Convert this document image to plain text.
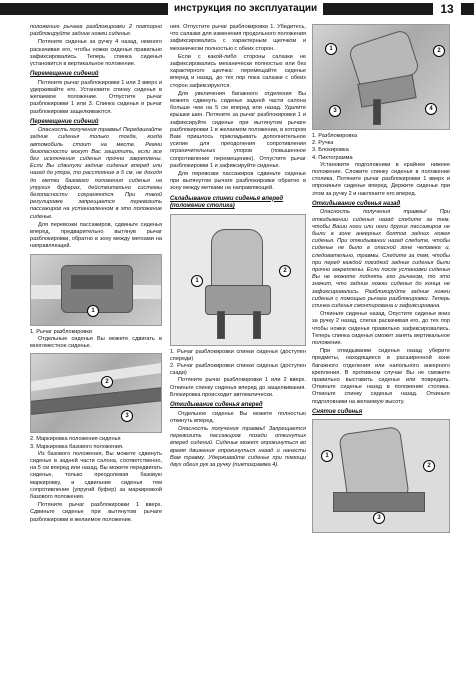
инструкция по эксплуатации	13

положению рычага разблокировки 2 повторно разблокируйте задние ножки сиденья.

Потяните сиденье за ручку 4 назад, немного раскачивая его, чтобы ножки сиденья правильно зафиксировались. Теперь спинка сиденья установится в вертикальное положение.

Перемещение сидений

Потяните рычаг разблокировки 1 или 3 вверх и удерживайте его. Установите спинку сиденья в желаемое положение. Отпустите рычаг разблокировки 1 или 3. Спинка сиденья и рычаг разблокировки защелкиваются.

Перемещение сидений

Опасность получения травмы! Передвигайте задние сиденья только тогда, когда автомобиль стоит на месте. Ремни безопасности могут Вас защитить, если все без исключения сиденья прочно закреплены. Если Вы сдвинули задние сиденья вперед или назад до упора, то расстояние в 5 см, не доходя до метки базового положения сиденья на упругих буферах, действительно системы безопасности сохраняются. При такой регулировке запрещается перевозить пассажиров на установленном в это положение сиденье.

Для перевозки пассажиров, сдвиньте сиденья вперед, предварительно вытянув рычаг разблокировки, обратно в зону между метками на направляющей.

1

1. Рычаг разблокировки

Отдельные сиденья Вы можете сдвигать в многоместное сиденье.

2
3

2. Маркировка положения сиденья

3. Маркировка базового положения.

Из базового положения, Вы можете сдвинуть сиденье в задней части салона, соответственно, на 5 см вперед или назад. Вы можете передвигать сиденье, только преодолевая базовую маркировку, и сдвигание сиденья тем сопротивление (упругий буфер) за маркировкой базового положения.

Потяните рычаг разблокировки 1 вверх. Сдвиньте сиденье при вытянутом рычаге разблокировки в желаемое положение.

ния. Отпустите рычаг разблокировки 1. Убедитесь, что салазки для изменения продольного положения зафиксировались с характерным щелчком и механически полностью с обеих сторон.

Если с какой-либо стороны салазки не зафиксировались механически полностью или без характерного щелчка: перемещайте сиденье вперед и назад, до тех пор пока салазки с обеих сторон зафиксируются.

Для увеличения багажного отделения Вы можете сдвинуть сиденье задней части салона больше чем на 5 см вперед или назад. Удалите крышки шин. Потяните за рычаг разблокировки 1 и зафиксируйте сиденье при вытянутом рычаге разблокировки 1 в желаемом положении, в котором Вам пришлось прикладывать дополнительное усилие для преодоления сопротивления ограничительных упоров (повышенное сопротивление перемещению). Отпустите рычаг разблокировки 1 и зафиксируйте сиденье.

Для перевозки пассажиров сдвиньте сиденье при вытянутом рычаге разблокировки обратно в зону между метками на направляющей.

Складывание спинки сиденья вперед (положение столика)
1
2

1. Рычаг разблокировки спинки сиденья (доступен спереди)

2. Рычаг разблокировки спинки сиденья (доступен сзади)

Потяните рычаг разблокировки 1 или 2 вверх. Откиньте спинку сиденья вперед до защелкивания. Блокировка происходит автоматически.

Откидывание сиденья вперед

Отдельное сиденье Вы можете полностью откинуть вперед.

Опасность получения травмы! Запрещается перевозить пассажиров позади откинутых вперед сидений. Сиденье может опрокинуться во время движения опрокинуться назад и нанести Вам травму. Удерживайте сиденье при помощи двух обеих рук за ручку (пиктограмма 4).

1	2
3	4

1. Разблокировка

2. Ручка

3. Блокировка

4. Пиктограмма

Установите подголовники в крайнее нижнее положение. Сложите спинку сиденья в положение столика. Потяните рычаг разблокировки 1 вверх и опрокиньте сиденье вперед. Держите сиденье при этом за ручку 2 и наклоните его вперед.

Откидывание сиденья назад

Опасность получения травмы! При откидывании сиденья назад следите за тем, чтобы Ваши ноги или ноги других пассажиров не были в зоне анкерных болтов задних ножек сиденья. При откидывании назад следите, чтобы сиденье не было в опасной зоне человека и, следовательно, травмы. Следите за тем, чтобы при перед каждой поездкой задние сиденья были прочно закреплены. Если после установки сиденья Вы не можете поднять его рычагом, то это значит, что задние ножки сиденья до конца не зафиксировались. Разблокируйте задние ножки сиденья с помощью рычага разблокировки. Теперь спинка сиденья смонтирована и зафиксирована.

Откиньте сиденье назад. Опустите сиденье вниз за ручку 2 назад, слегка раскачивая его, до тех пор чтобы ножки сиденья правильно зафиксировались. Теперь спинка сиденья сможет занять вертикальное положение.

При откидывании сиденья назад уберите предметы, находящиеся в расширенной зоне багажного отделения или напольного анкерного крепления. В противном случае Вы не сможете правильно выставить сиденье или повредить. Откиньте сиденье назад в положение столика. Откиньте спинку сиденья назад. Откиньте подголовники на желаемую высоту.

Снятие сиденья
1
2
3
